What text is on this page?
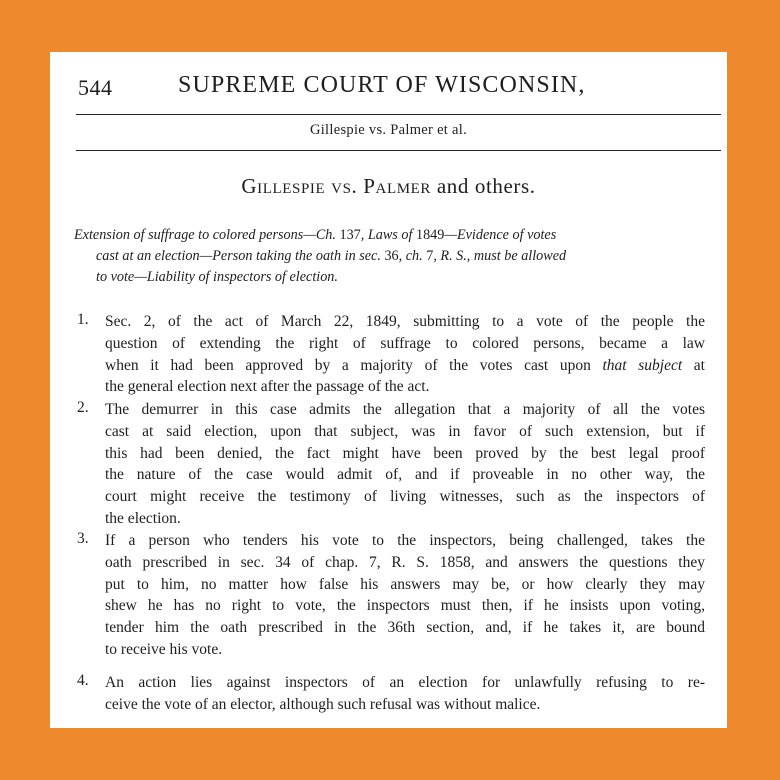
544	SUPREME COURT OF WISCONSIN,
Gillespie vs. Palmer et al.
Gillespie vs. Palmer and others.
Extension of suffrage to colored persons—Ch. 137, Laws of 1849—Evidence of votes
cast at an election—Person taking the oath in sec. 36, ch. 7, R. S., must be allowed
to vote—Liability of inspectors of election.
1. Sec. 2, of the act of March 22, 1849, submitting to a vote of the people the
question of extending the right of suffrage to colored persons, became a law
when it had been approved by a majority of the votes cast upon that subject at
the general election next after the passage of the act.
2. The demurrer in this case admits the allegation that a majority of all the votes
cast at said election, upon that subject, was in favor of such extension, but if
this had been denied, the fact might have been proved by the best legal proof
the nature of the case would admit of, and if proveable in no other way, the
court might receive the testimony of living witnesses, such as the inspectors of
the election.
3. If a person who tenders his vote to the inspectors, being challenged, takes the
oath prescribed in sec. 34 of chap. 7, R. S. 1858, and answers the questions they
put to him, no matter how false his answers may be, or how clearly they may
shew he has no right to vote, the inspectors must then, if he insists upon voting,
tender him the oath prescribed in the 36th section, and, if he takes it, are bound
to receive his vote.
4. An action lies against inspectors of an election for unlawfully refusing to re-
ceive the vote of an elector, although such refusal was without malice.
